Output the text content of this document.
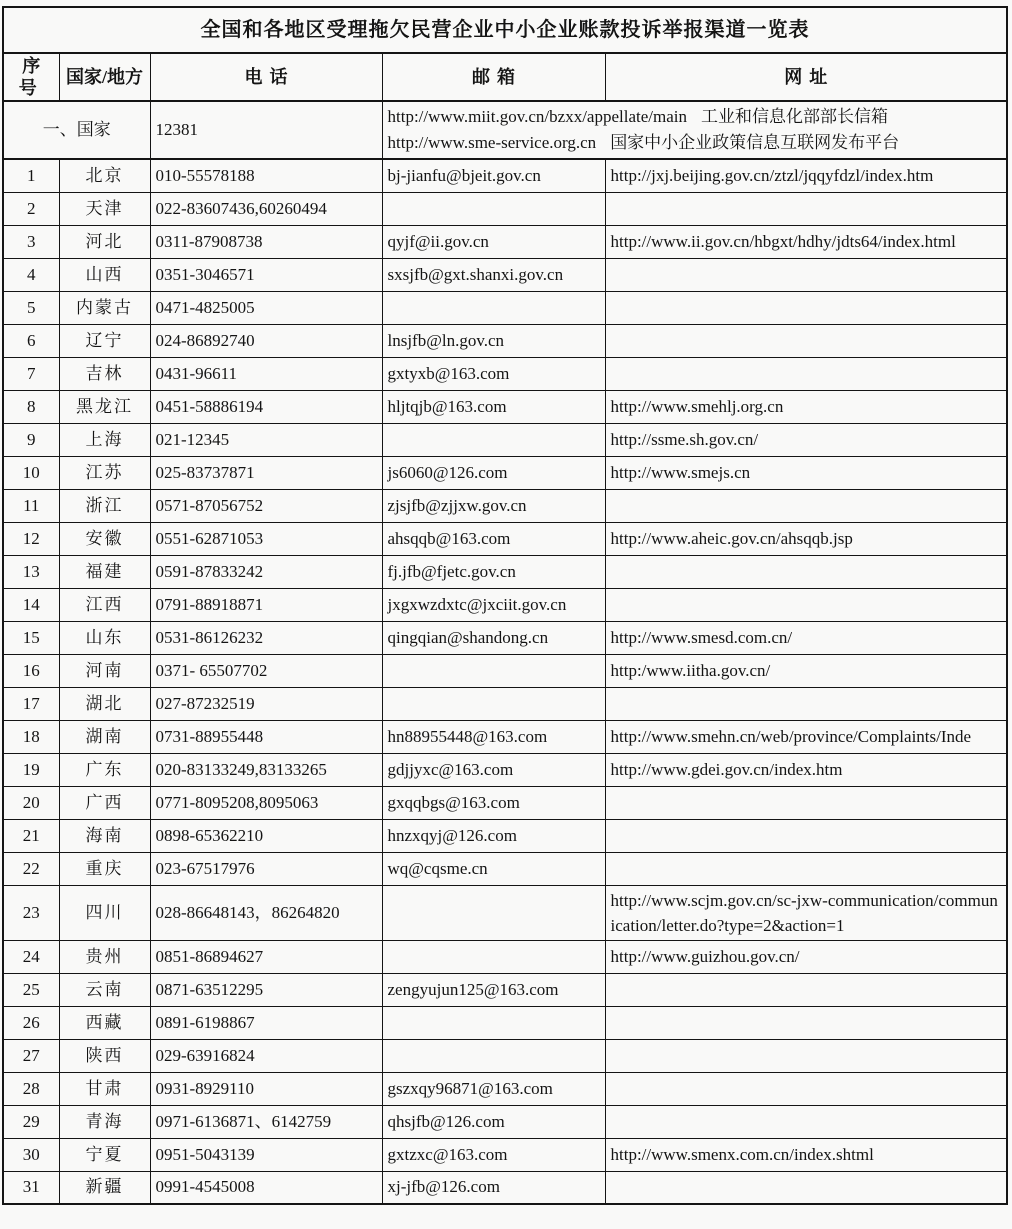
全国和各地区受理拖欠民营企业中小企业账款投诉举报渠道一览表				
序号	国家/地方	电话	邮箱	网址
一、国家		12381	http://www.miit.gov.cn/bzxx/appellate/main 工业和信息化部部长信箱
http://www.sme-service.org.cn 国家中小企业政策信息互联网发布平台	

1	北京	010-55578188	bj-jianfu@bjeit.gov.cn	http://jxj.beijing.gov.cn/ztzl/jqqyfdzl/index.htm
2	天津	022-83607436,60260494		
3	河北	0311-87908738	qyjf@ii.gov.cn	http://www.ii.gov.cn/hbgxt/hdhy/jdts64/index.html
4	山西	0351-3046571	sxsjfb@gxt.shanxi.gov.cn	
5	内蒙古	0471-4825005		
6	辽宁	024-86892740	lnsjfb@ln.gov.cn	
7	吉林	0431-96611	gxtyxb@163.com	
8	黑龙江	0451-58886194	hljtqjb@163.com	http://www.smehlj.org.cn
9	上海	021-12345		http://ssme.sh.gov.cn/
10	江苏	025-83737871	js6060@126.com	http://www.smejs.cn
11	浙江	0571-87056752	zjsjfb@zjjxw.gov.cn	
12	安徽	0551-62871053	ahsqqb@163.com	http://www.aheic.gov.cn/ahsqqb.jsp
13	福建	0591-87833242	fj.jfb@fjetc.gov.cn	
14	江西	0791-88918871	jxgxwzdxtc@jxciit.gov.cn	
15	山东	0531-86126232	qingqian@shandong.cn	http://www.smesd.com.cn/
16	河南	0371- 65507702		http:/www.iitha.gov.cn/
17	湖北	027-87232519		
18	湖南	0731-88955448	hn88955448@163.com	http://www.smehn.cn/web/province/Complaints/Inde
19	广东	020-83133249,83133265	gdjjyxc@163.com	http://www.gdei.gov.cn/index.htm
20	广西	0771-8095208,8095063	gxqqbgs@163.com	
21	海南	0898-65362210	hnzxqyj@126.com	
22	重庆	023-67517976	wq@cqsme.cn	
23	四川	028-86648143，86264820		http://www.scjm.gov.cn/sc-jxw-communication/communication/letter.do?type=2&action=1
24	贵州	0851-86894627		http://www.guizhou.gov.cn/
25	云南	0871-63512295	zengyujun125@163.com	
26	西藏	0891-6198867		
27	陕西	029-63916824		
28	甘肃	0931-8929110	gszxqy96871@163.com	
29	青海	0971-6136871、6142759	qhsjfb@126.com	
30	宁夏	0951-5043139	gxtzxc@163.com	http://www.smenx.com.cn/index.shtml
31	新疆	0991-4545008	xj-jfb@126.com	
